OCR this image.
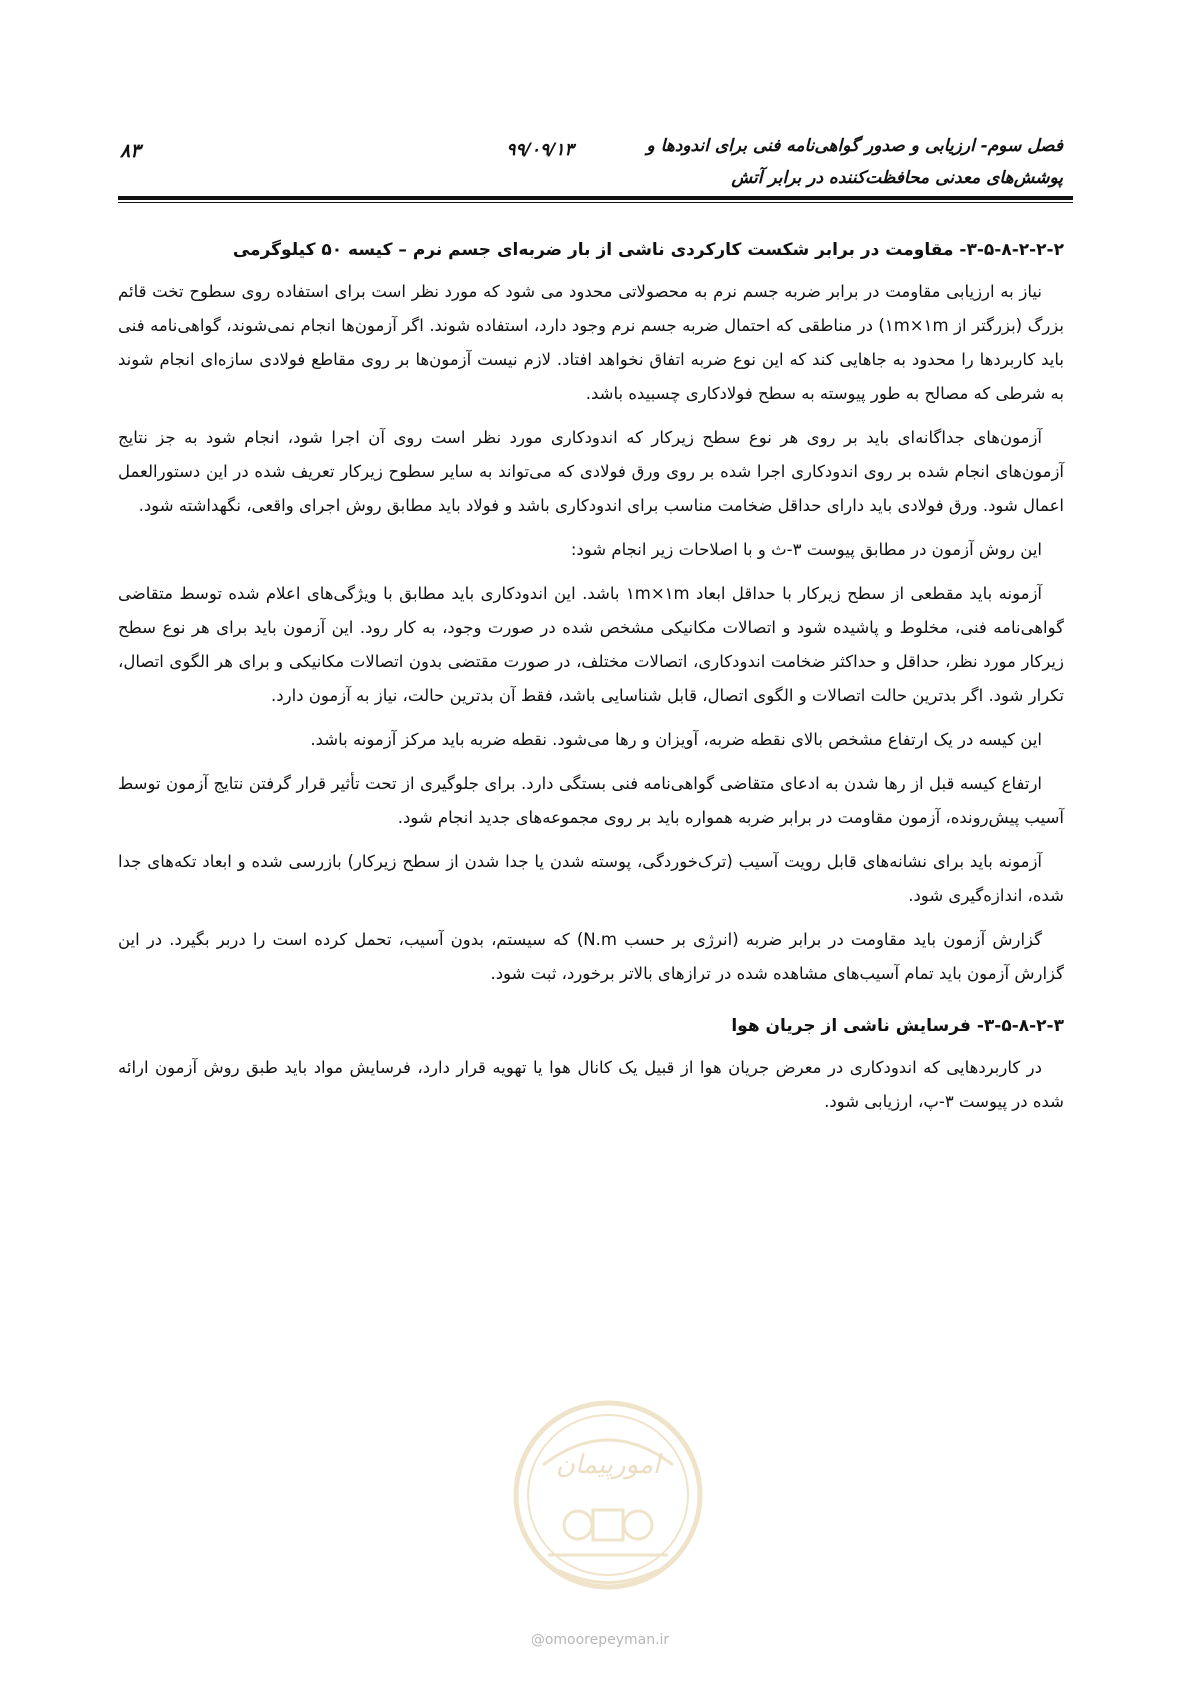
فصل سوم- ارزیابی و صدور گواهی‌نامه فنی برای اندودها و
پوشش‌های معدنی محافظت‌کننده در برابر آتش
۹۹/۰۹/۱۳
۸۳
۳-۵-۸-۲-۲-۲- مقاومت در برابر شکست کارکردی ناشی از بار ضربه‌ای جسم نرم – کیسه ۵۰ کیلوگرمی

نیاز به ارزیابی مقاومت در برابر ضربه جسم نرم به محصولاتی محدود می شود که مورد نظر است برای استفاده روی سطوح تخت قائم بزرگ (بزرگتر از ۱m×۱m) در مناطقی که احتمال ضربه جسم نرم وجود دارد، استفاده شوند. اگر آزمون‌ها انجام نمی‌شوند، گواهی‌نامه فنی باید کاربردها را محدود به جاهایی کند که این نوع ضربه اتفاق نخواهد افتاد. لازم نیست آزمون‌ها بر روی مقاطع فولادی سازه‌ای انجام شوند به شرطی که مصالح به طور پیوسته به سطح فولادکاری چسبیده باشد.

آزمون‌های جداگانه‌ای باید بر روی هر نوع سطح زیرکار که اندودکاری مورد نظر است روی آن اجرا شود، انجام شود به جز نتایج آزمون‌های انجام شده بر روی اندودکاری اجرا شده بر روی ورق فولادی که می‌تواند به سایر سطوح زیرکار تعریف شده در این دستورالعمل اعمال شود. ورق فولادی باید دارای حداقل ضخامت مناسب برای اندودکاری باشد و فولاد باید مطابق روش اجرای واقعی، نگهداشته شود.

این روش آزمون در مطابق پیوست ۳-ث و با اصلاحات زیر انجام شود:

آزمونه باید مقطعی از سطح زیرکار با حداقل ابعاد ۱m×۱m باشد. این اندودکاری باید مطابق با ویژگی‌های اعلام شده توسط متقاضی گواهی‌نامه فنی، مخلوط و پاشیده شود و اتصالات مکانیکی مشخص شده در صورت وجود، به کار رود. این آزمون باید برای هر نوع سطح زیرکار مورد نظر، حداقل و حداکثر ضخامت اندودکاری، اتصالات مختلف، در صورت مقتضی بدون اتصالات مکانیکی و برای هر الگوی اتصال، تکرار شود. اگر بدترین حالت اتصالات و الگوی اتصال، قابل شناسایی باشد، فقط آن بدترین حالت، نیاز به آزمون دارد.

این کیسه در یک ارتفاع مشخص بالای نقطه ضربه، آویزان و رها می‌شود. نقطه ضربه باید مرکز آزمونه باشد.

ارتفاع کیسه قبل از رها شدن به ادعای متقاضی گواهی‌نامه فنی بستگی دارد. برای جلوگیری از تحت تأثیر قرار گرفتن نتایج آزمون توسط آسیب پیش‌رونده، آزمون مقاومت در برابر ضربه همواره باید بر روی مجموعه‌های جدید انجام شود.

آزمونه باید برای نشانه‌های قابل رویت آسیب (ترک‌خوردگی، پوسته شدن یا جدا شدن از سطح زیرکار) بازرسی شده و ابعاد تکه‌های جدا شده، اندازه‌گیری شود.

گزارش آزمون باید مقاومت در برابر ضربه (انرژی بر حسب N.m) که سیستم، بدون آسیب، تحمل کرده است را دربر بگیرد. در این گزارش آزمون باید تمام آسیب‌های مشاهده شده در ترازهای بالاتر برخورد، ثبت شود.

۳-۵-۸-۲-۳- فرسایش ناشی از جریان هوا

در کاربردهایی که اندودکاری در معرض جریان هوا از قبیل یک کانال هوا یا تهویه قرار دارد، فرسایش مواد باید طبق روش آزمون ارائه شده در پیوست ۳-پ، ارزیابی شود.

امورپیمان
@omoorepeyman.ir
